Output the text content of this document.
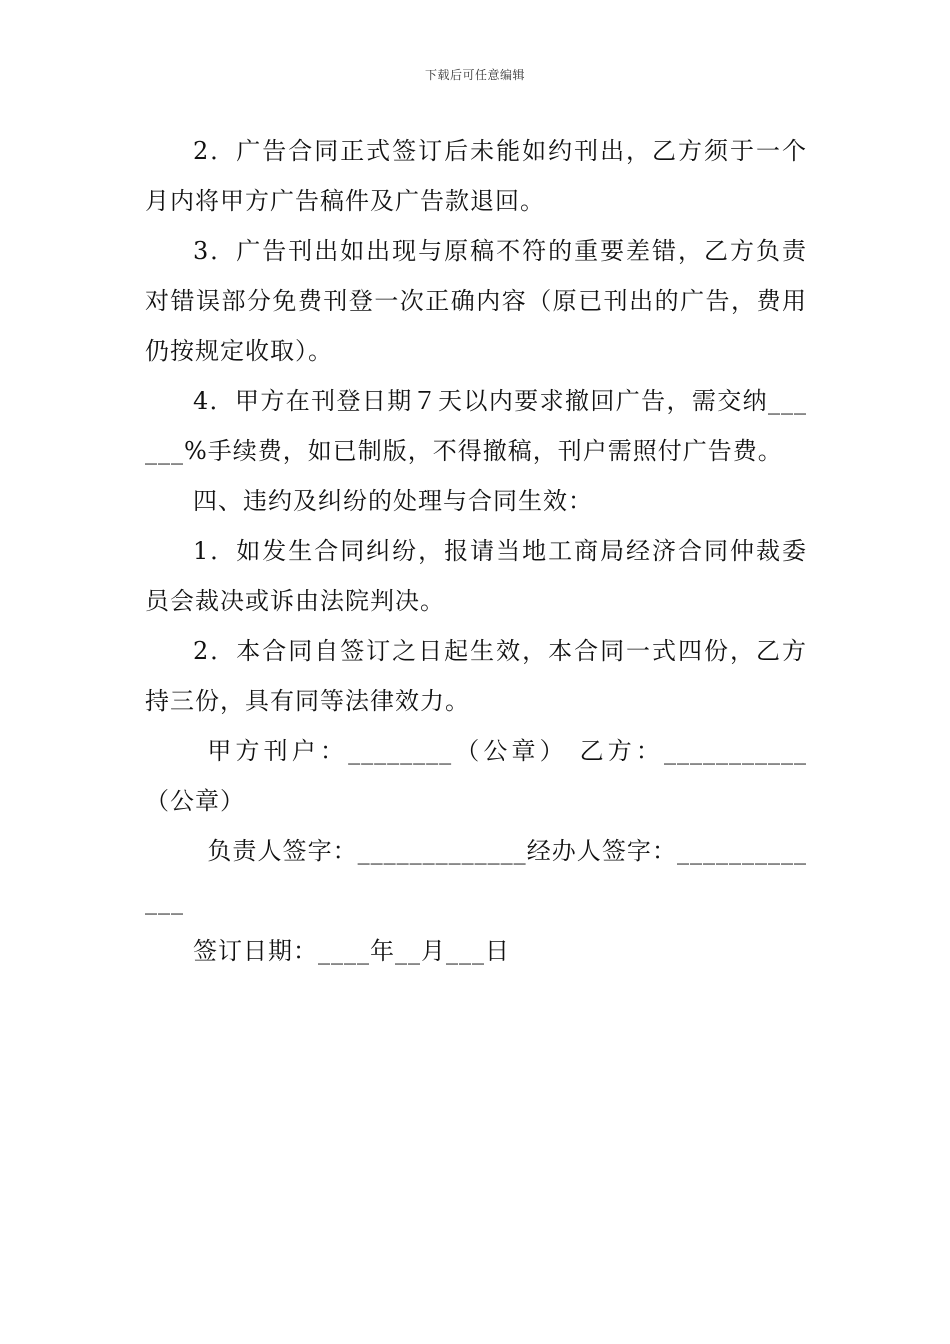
下载后可任意编辑

2．广告合同正式签订后未能如约刊出，乙方须于一个月内将甲方广告稿件及广告款退回。

3．广告刊出如出现与原稿不符的重要差错，乙方负责对错误部分免费刊登一次正确内容（原已刊出的广告，费用仍按规定收取）。

4．甲方在刊登日期７天以内要求撤回广告，需交纳______%手续费，如已制版，不得撤稿，刊户需照付广告费。

四、违约及纠纷的处理与合同生效：

1．如发生合同纠纷，报请当地工商局经济合同仲裁委员会裁决或诉由法院判决。

2．本合同自签订之日起生效，本合同一式四份，乙方持三份，具有同等法律效力。

甲方刊户：________（公章） 乙方：___________（公章）

负责人签字：_____________经办人签字：_____________

签订日期：____年__月___日
